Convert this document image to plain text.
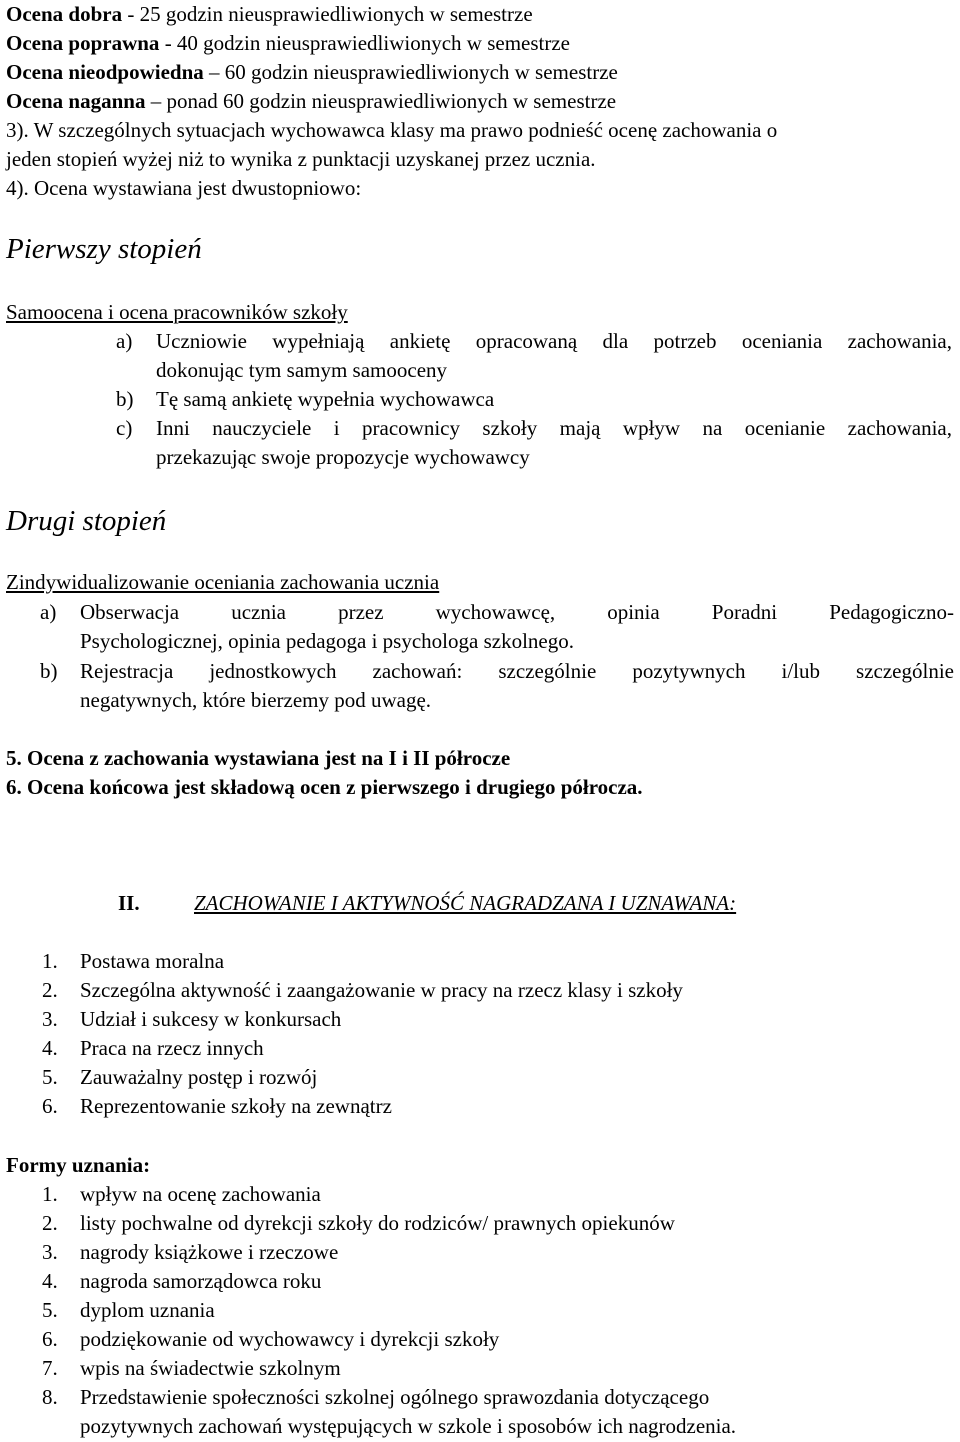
Ocena dobra - 25 godzin nieusprawiedliwionych w semestrze
Ocena poprawna - 40 godzin nieusprawiedliwionych w semestrze
Ocena nieodpowiedna – 60 godzin nieusprawiedliwionych w semestrze
Ocena naganna – ponad 60 godzin nieusprawiedliwionych w semestrze
3). W szczególnych sytuacjach wychowawca klasy ma prawo podnieść ocenę zachowania o
jeden stopień wyżej niż to wynika z punktacji uzyskanej przez ucznia.
4). Ocena wystawiana jest dwustopniowo:
Pierwszy stopień
Samoocena i ocena pracowników szkoły
a) Uczniowie wypełniają ankietę opracowaną dla potrzeb oceniania zachowania,
dokonując tym samym samooceny
b) Tę samą ankietę wypełnia wychowawca
c) Inni nauczyciele i pracownicy szkoły mają wpływ na ocenianie zachowania,
przekazując swoje propozycje wychowawcy
Drugi stopień
Zindywidualizowanie oceniania zachowania ucznia
a) Obserwacja ucznia przez wychowawcę, opinia Poradni Pedagogiczno-
Psychologicznej, opinia pedagoga i psychologa szkolnego.
b) Rejestracja jednostkowych zachowań: szczególnie pozytywnych i/lub szczególnie
negatywnych, które bierzemy pod uwagę.
5. Ocena z zachowania wystawiana jest na I i II półrocze
6. Ocena końcowa jest składową ocen z pierwszego i drugiego półrocza.
II.	ZACHOWANIE I AKTYWNOŚĆ NAGRADZANA I UZNAWANA:
1. Postawa moralna
2. Szczególna aktywność i zaangażowanie w pracy na rzecz klasy i szkoły
3. Udział i sukcesy w konkursach
4. Praca na rzecz innych
5. Zauważalny postęp i rozwój
6. Reprezentowanie szkoły na zewnątrz
Formy uznania:
1. wpływ na ocenę zachowania
2. listy pochwalne od dyrekcji szkoły do rodziców/ prawnych opiekunów
3. nagrody książkowe i rzeczowe
4. nagroda samorządowca roku
5. dyplom uznania
6. podziękowanie od wychowawcy i dyrekcji szkoły
7. wpis na świadectwie szkolnym
8. Przedstawienie społeczności szkolnej ogólnego sprawozdania dotyczącego
pozytywnych zachowań występujących w szkole i sposobów ich nagrodzenia.
